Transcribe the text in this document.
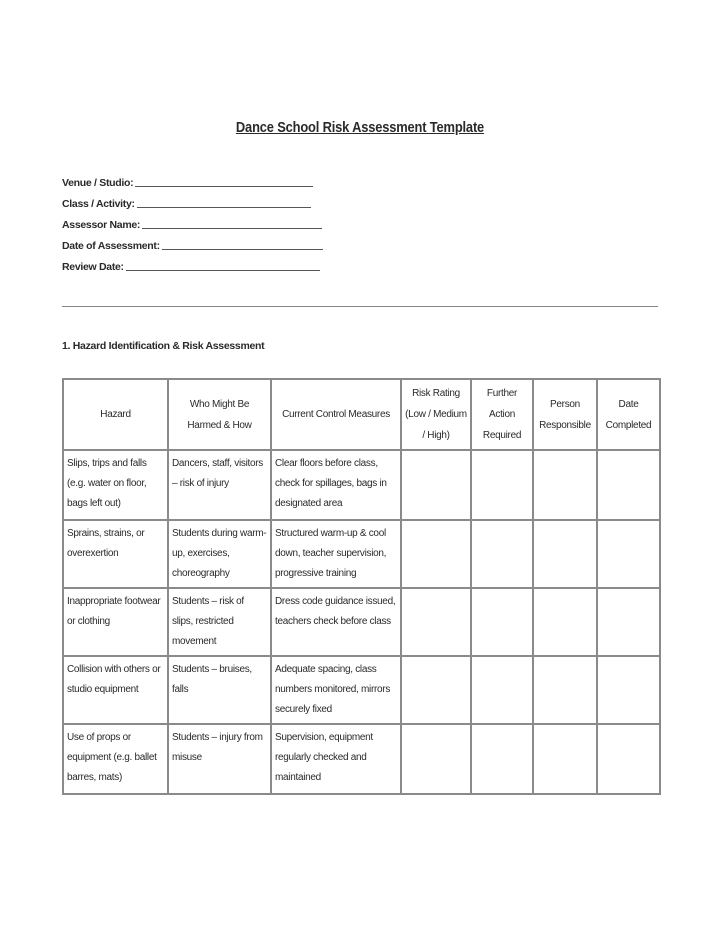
Dance School Risk Assessment Template
Venue / Studio:
Class / Activity:
Assessor Name:
Date of Assessment:
Review Date:
1. Hazard Identification & Risk Assessment
Hazard	Who Might Be Harmed & How	Current Control Measures	Risk Rating (Low / Medium / High)	Further Action Required	Person Responsible	Date Completed
Slips, trips and falls (e.g. water on floor, bags left out)	Dancers, staff, visitors – risk of injury	Clear floors before class, check for spillages, bags in designated area				
Sprains, strains, or overexertion	Students during warm-up, exercises, choreography	Structured warm-up & cool down, teacher supervision, progressive training				
Inappropriate footwear or clothing	Students – risk of slips, restricted movement	Dress code guidance issued, teachers check before class				
Collision with others or studio equipment	Students – bruises, falls	Adequate spacing, class numbers monitored, mirrors securely fixed				
Use of props or equipment (e.g. ballet barres, mats)	Students – injury from misuse	Supervision, equipment regularly checked and maintained				
